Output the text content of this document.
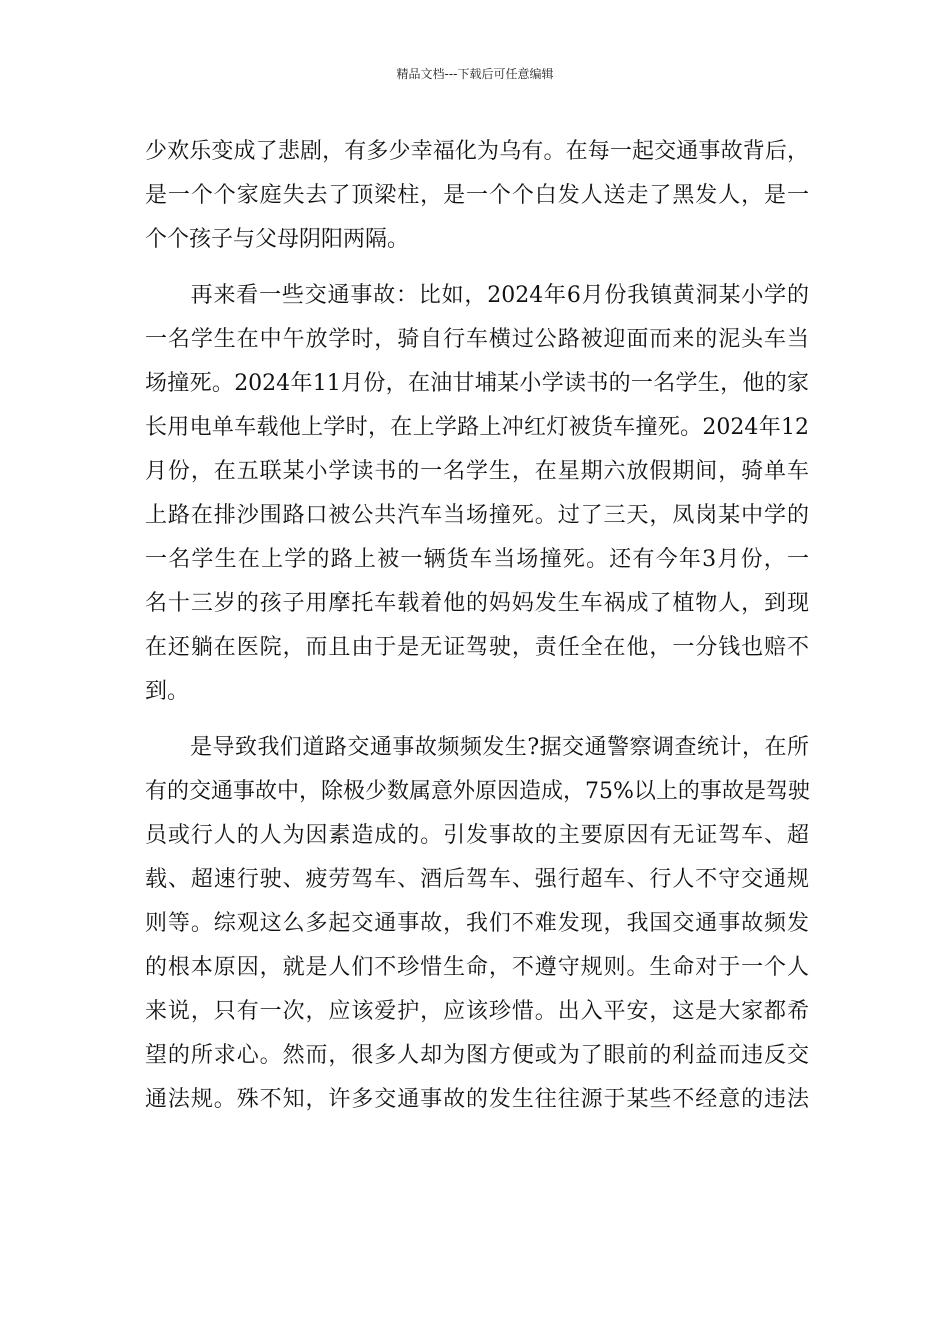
精品文档---下载后可任意编辑
少欢乐变成了悲剧，有多少幸福化为乌有。在每一起交通事故背后，
是一个个家庭失去了顶梁柱，是一个个白发人送走了黑发人，是一
个个孩子与父母阴阳两隔。
　　再来看一些交通事故：比如，2024年6月份我镇黄洞某小学的
一名学生在中午放学时，骑自行车横过公路被迎面而来的泥头车当
场撞死。2024年11月份，在油甘埔某小学读书的一名学生，他的家
长用电单车载他上学时，在上学路上冲红灯被货车撞死。2024年12
月份，在五联某小学读书的一名学生，在星期六放假期间，骑单车
上路在排沙围路口被公共汽车当场撞死。过了三天，凤岗某中学的
一名学生在上学的路上被一辆货车当场撞死。还有今年3月份，一
名十三岁的孩子用摩托车载着他的妈妈发生车祸成了植物人，到现
在还躺在医院，而且由于是无证驾驶，责任全在他，一分钱也赔不
到。
　　是导致我们道路交通事故频频发生?据交通警察调查统计，在所
有的交通事故中，除极少数属意外原因造成，75%以上的事故是驾驶
员或行人的人为因素造成的。引发事故的主要原因有无证驾车、超
载、超速行驶、疲劳驾车、酒后驾车、强行超车、行人不守交通规
则等。综观这么多起交通事故，我们不难发现，我国交通事故频发
的根本原因，就是人们不珍惜生命，不遵守规则。生命对于一个人
来说，只有一次，应该爱护，应该珍惜。出入平安，这是大家都希
望的所求心。然而，很多人却为图方便或为了眼前的利益而违反交
通法规。殊不知，许多交通事故的发生往往源于某些不经意的违法
